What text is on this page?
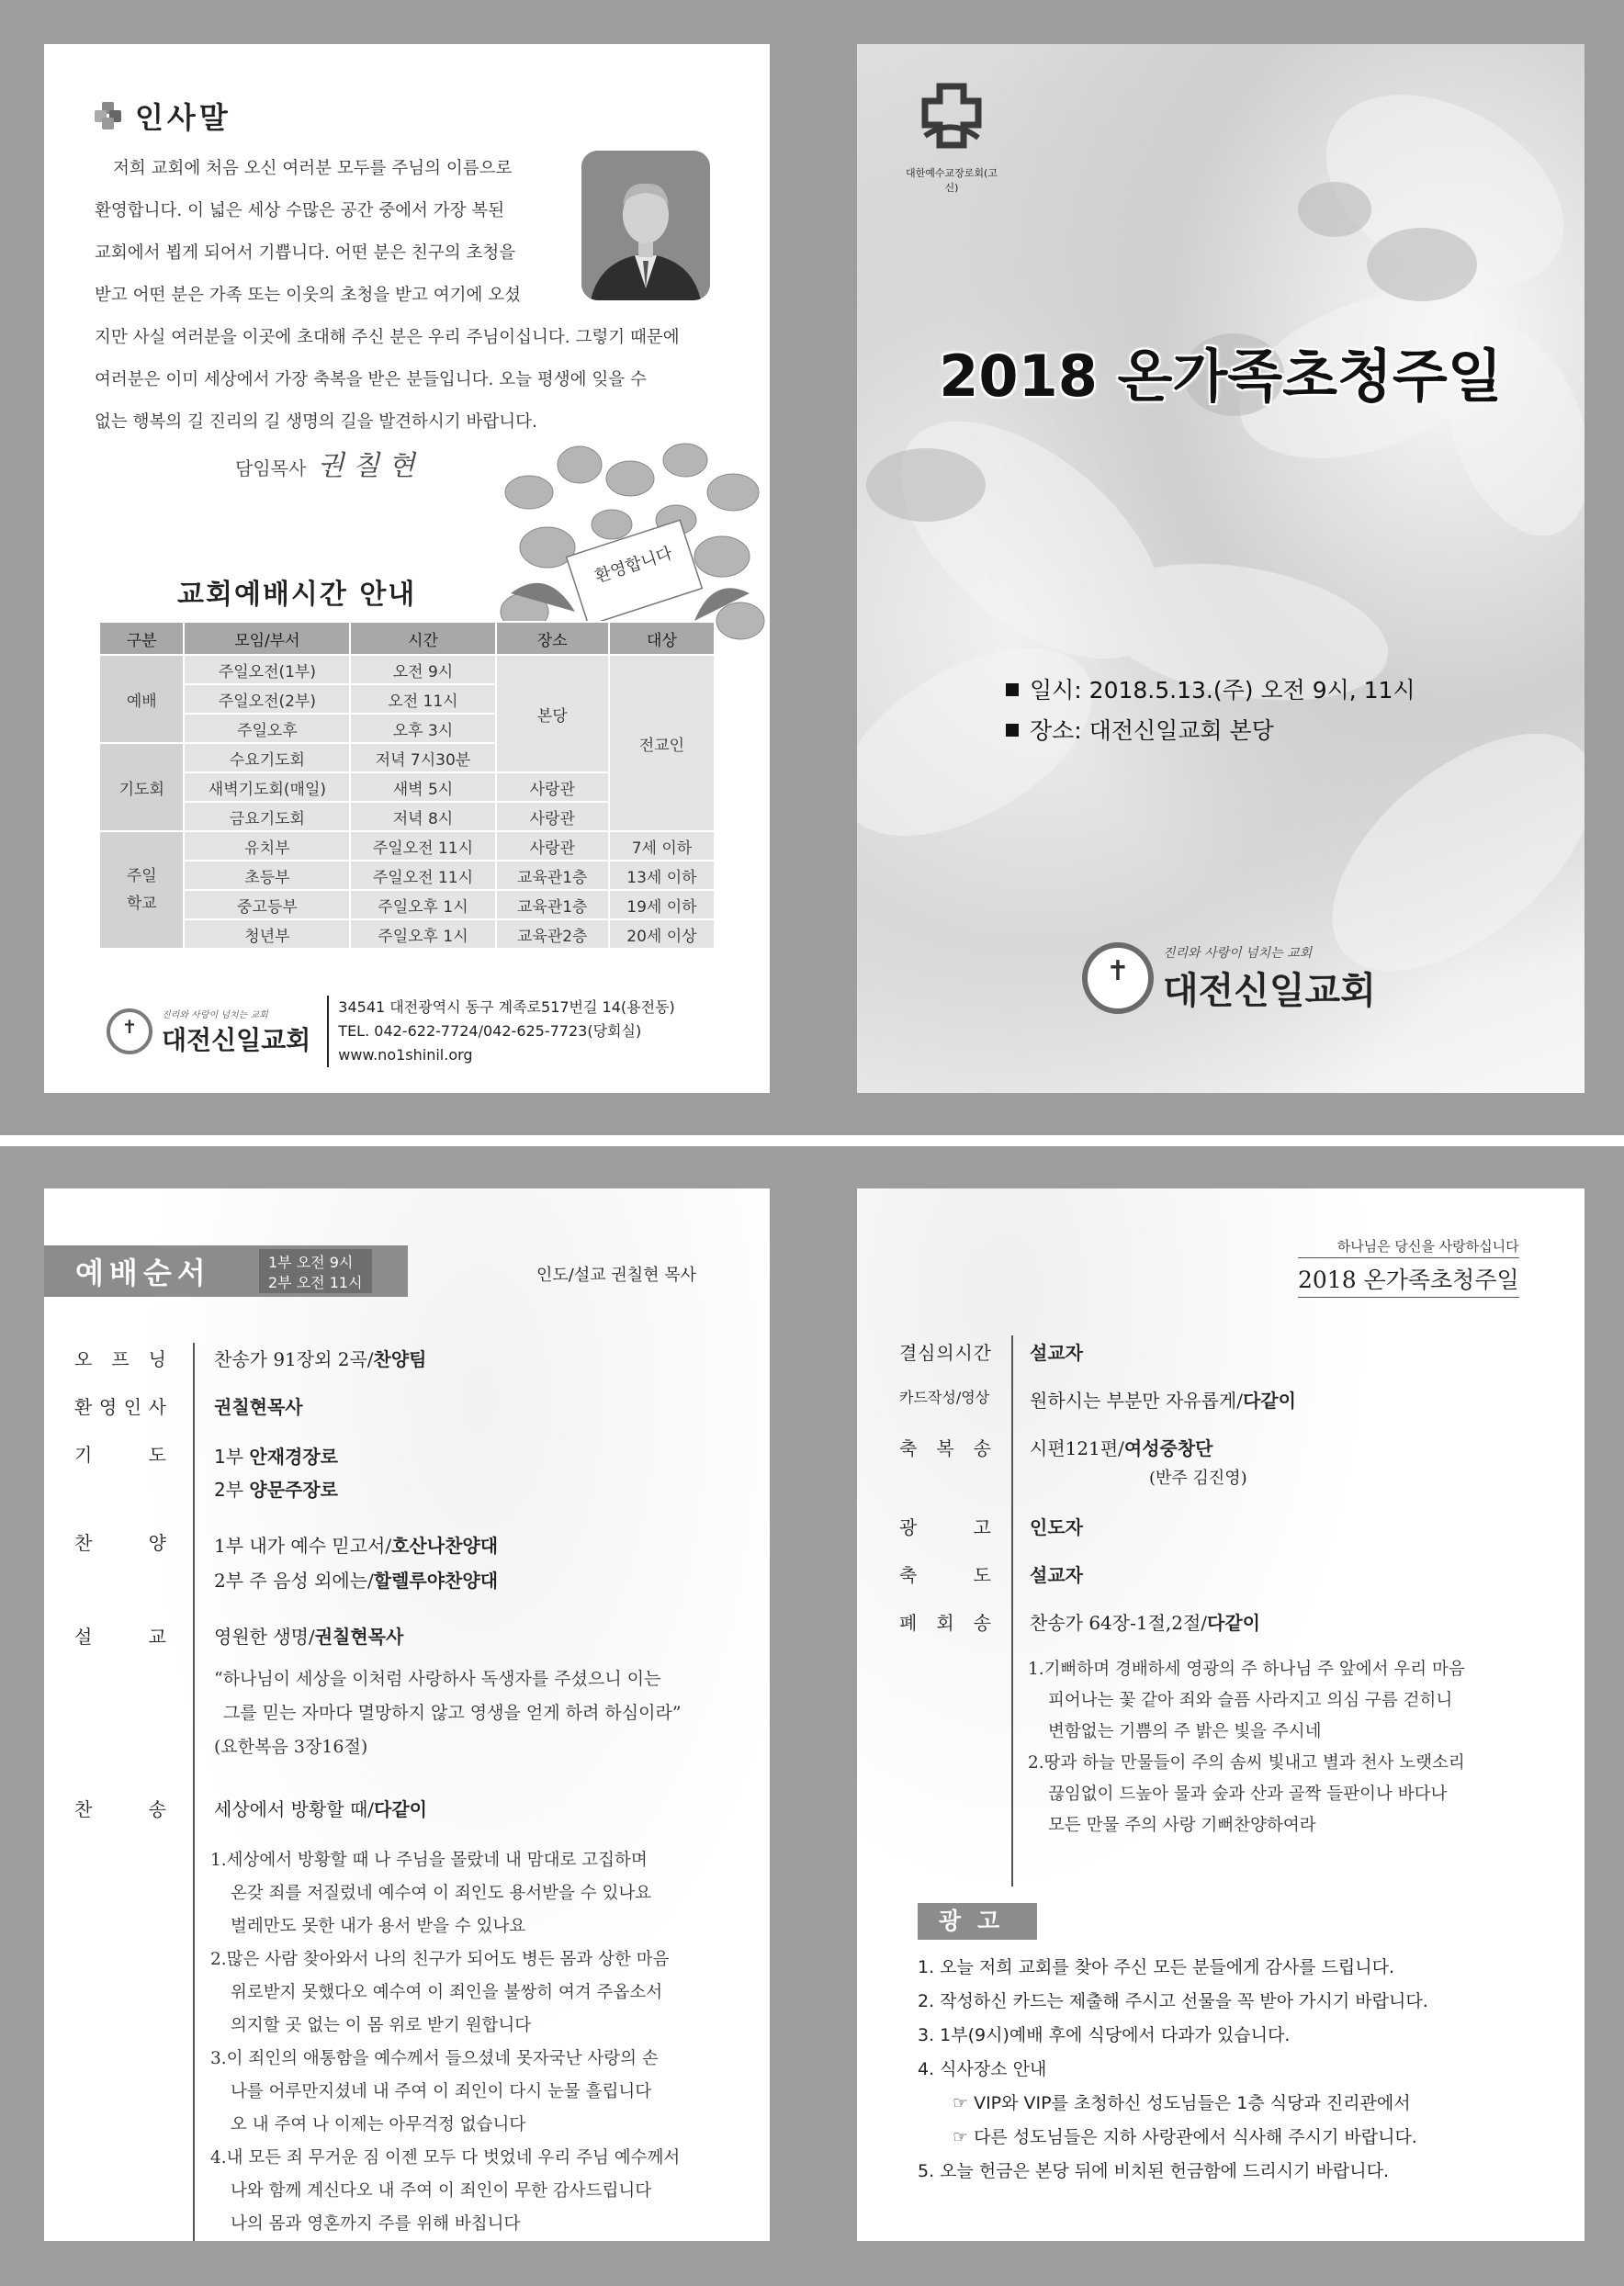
인사말
저희 교회에 처음 오신 여러분 모두를 주님의 이름으로
환영합니다. 이 넓은 세상 수많은 공간 중에서 가장 복된
교회에서 뵙게 되어서 기쁩니다. 어떤 분은 친구의 초청을
받고 어떤 분은 가족 또는 이웃의 초청을 받고 여기에 오셨
지만 사실 여러분을 이곳에 초대해 주신 분은 우리 주님이십니다. 그렇기 때문에
여러분은 이미 세상에서 가장 축복을 받은 분들입니다. 오늘 평생에 잊을 수
없는 행복의 길 진리의 길 생명의 길을 발견하시기 바랍니다.
담임목사 권 칠 현
환영합니다
교회예배시간 안내
구분	모임/부서	시간	장소	대상
예배	주일오전(1부)	오전 9시	본당	전교인
	주일오전(2부)	오전 11시		
	주일오후	오후 3시		
기도회	수요기도회	저녁 7시30분		
	새벽기도회(매일)	새벽 5시	사랑관	
	금요기도회	저녁 8시	사랑관	
주일
학교	유치부	주일오전 11시	사랑관	7세 이하
	초등부	주일오전 11시	교육관1층	13세 이하
	중고등부	주일오후 1시	교육관1층	19세 이하
	청년부	주일오후 1시	교육관2층	20세 이상
✝
진리와 사랑이 넘치는 교회
대전신일교회
34541 대전광역시 동구 계족로517번길 14(용전동)
TEL. 042-622-7724/042-625-7723(당회실)
www.no1shinil.org
대한예수교장로회(고신)
2018 온가족초청주일
일시: 2018.5.13.(주) 오전 9시, 11시
장소: 대전신일교회 본당
✝
진리와 사랑이 넘치는 교회
대전신일교회
예배순서	1부 오전 9시
2부 오전 11시	인도/설교 권칠현 목사
오 프 닝	찬송가 91장외 2곡/찬양팀
환 영 인 사	권칠현목사
기	도	1부 안재경장로
2부 양문주장로
찬	양	1부 내가 예수 믿고서/호산나찬양대
2부 주 음성 외에는/할렐루야찬양대
설	교	영원한 생명/권칠현목사
“하나님이 세상을 이처럼 사랑하사 독생자를 주셨으니 이는
그를 믿는 자마다 멸망하지 않고 영생을 얻게 하려 하심이라”
(요한복음 3장16절)
찬	송	세상에서 방황할 때/다같이
1.세상에서 방황할 때 나 주님을 몰랐네 내 맘대로 고집하며
온갖 죄를 저질렀네 예수여 이 죄인도 용서받을 수 있나요
벌레만도 못한 내가 용서 받을 수 있나요
2.많은 사람 찾아와서 나의 친구가 되어도 병든 몸과 상한 마음
위로받지 못했다오 예수여 이 죄인을 불쌍히 여겨 주옵소서
의지할 곳 없는 이 몸 위로 받기 원합니다
3.이 죄인의 애통함을 예수께서 들으셨네 못자국난 사랑의 손
나를 어루만지셨네 내 주여 이 죄인이 다시 눈물 흘립니다
오 내 주여 나 이제는 아무걱정 없습니다
4.내 모든 죄 무거운 짐 이젠 모두 다 벗었네 우리 주님 예수께서
나와 함께 계신다오 내 주여 이 죄인이 무한 감사드립니다
나의 몸과 영혼까지 주를 위해 바칩니다
하나님은 당신을 사랑하십니다
2018 온가족초청주일
결 심 의 시 간 설교자
카드작성/영상 원하시는 부분만 자유롭게/다같이
축 복 송 시편121편/여성중창단
(반주 김진영)
광	고 인도자
축	도 설교자
폐 회 송 찬송가 64장-1절,2절/다같이
1.기뻐하며 경배하세 영광의 주 하나님 주 앞에서 우리 마음
피어나는 꽃 같아 죄와 슬픔 사라지고 의심 구름 걷히니
변함없는 기쁨의 주 밝은 빛을 주시네
2.땅과 하늘 만물들이 주의 솜씨 빛내고 별과 천사 노랫소리
끊임없이 드높아 물과 숲과 산과 골짝 들판이나 바다나
모든 만물 주의 사랑 기뻐찬양하여라
광고
1. 오늘 저희 교회를 찾아 주신 모든 분들에게 감사를 드립니다.
2. 작성하신 카드는 제출해 주시고 선물을 꼭 받아 가시기 바랍니다.
3. 1부(9시)예배 후에 식당에서 다과가 있습니다.
4. 식사장소 안내
☞ VIP와 VIP를 초청하신 성도님들은 1층 식당과 진리관에서
☞ 다른 성도님들은 지하 사랑관에서 식사해 주시기 바랍니다.
5. 오늘 헌금은 본당 뒤에 비치된 헌금함에 드리시기 바랍니다.
